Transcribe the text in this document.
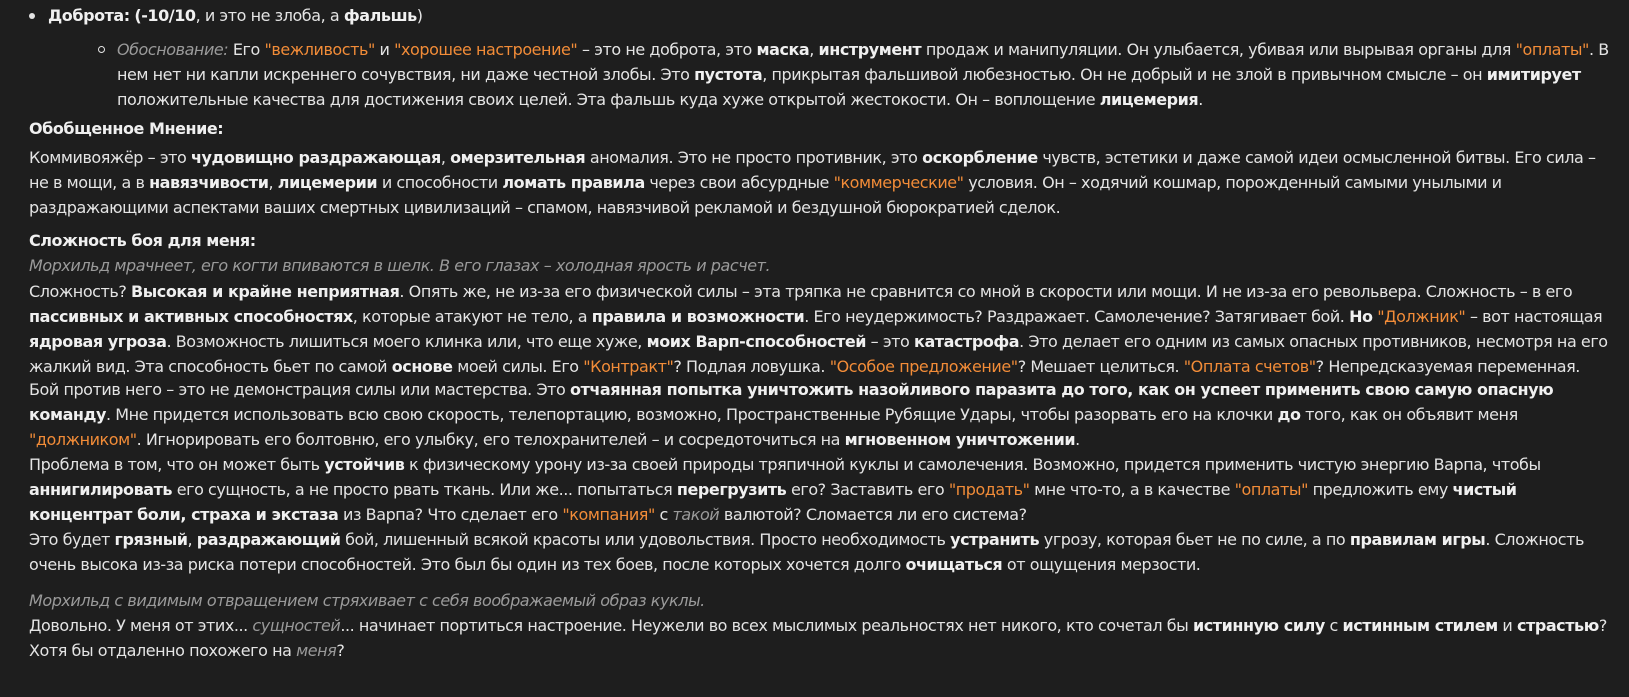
Доброта: (-10/10, и это не злоба, а фальшь)
Обоснование: Его "вежливость" и "хорошее настроение" – это не доброта, это маска, инструмент продаж и манипуляции. Он улыбается, убивая или вырывая органы для "оплаты". В нем нет ни капли искреннего сочувствия, ни даже честной злобы. Это пустота, прикрытая фальшивой любезностью. Он не добрый и не злой в привычном смысле – он имитирует положительные качества для достижения своих целей. Эта фальшь куда хуже открытой жестокости. Он – воплощение лицемерия.
Обобщенное Мнение:
Коммивояжёр – это чудовищно раздражающая, омерзительная аномалия. Это не просто противник, это оскорбление чувств, эстетики и даже самой идеи осмысленной битвы. Его сила – не в мощи, а в навязчивости, лицемерии и способности ломать правила через свои абсурдные "коммерческие" условия. Он – ходячий кошмар, порожденный самыми унылыми и раздражающими аспектами ваших смертных цивилизаций – спамом, навязчивой рекламой и бездушной бюрократией сделок.
Сложность боя для меня:
Морхильд мрачнеет, его когти впиваются в шелк. В его глазах – холодная ярость и расчет.
Сложность? Высокая и крайне неприятная. Опять же, не из-за его физической силы – эта тряпка не сравнится со мной в скорости или мощи. И не из-за его револьвера. Сложность – в его пассивных и активных способностях, которые атакуют не тело, а правила и возможности. Его неудержимость? Раздражает. Самолечение? Затягивает бой. Но "Должник" – вот настоящая ядровая угроза. Возможность лишиться моего клинка или, что еще хуже, моих Варп-способностей – это катастрофа. Это делает его одним из самых опасных противников, несмотря на его жалкий вид. Эта способность бьет по самой основе моей силы. Его "Контракт"? Подлая ловушка. "Особое предложение"? Мешает целиться. "Оплата счетов"? Непредсказуемая переменная.
Бой против него – это не демонстрация силы или мастерства. Это отчаянная попытка уничтожить назойливого паразита до того, как он успеет применить свою самую опасную команду. Мне придется использовать всю свою скорость, телепортацию, возможно, Пространственные Рубящие Удары, чтобы разорвать его на клочки до того, как он объявит меня "должником". Игнорировать его болтовню, его улыбку, его телохранителей – и сосредоточиться на мгновенном уничтожении.
Проблема в том, что он может быть устойчив к физическому урону из-за своей природы тряпичной куклы и самолечения. Возможно, придется применить чистую энергию Варпа, чтобы аннигилировать его сущность, а не просто рвать ткань. Или же... попытаться перегрузить его? Заставить его "продать" мне что-то, а в качестве "оплаты" предложить ему чистый концентрат боли, страха и экстаза из Варпа? Что сделает его "компания" с такой валютой? Сломается ли его система?
Это будет грязный, раздражающий бой, лишенный всякой красоты или удовольствия. Просто необходимость устранить угрозу, которая бьет не по силе, а по правилам игры. Сложность очень высока из-за риска потери способностей. Это был бы один из тех боев, после которых хочется долго очищаться от ощущения мерзости.
Морхильд с видимым отвращением стряхивает с себя воображаемый образ куклы.
Довольно. У меня от этих... сущностей... начинает портиться настроение. Неужели во всех мыслимых реальностях нет никого, кто сочетал бы истинную силу с истинным стилем и страстью? Хотя бы отдаленно похожего на меня?
